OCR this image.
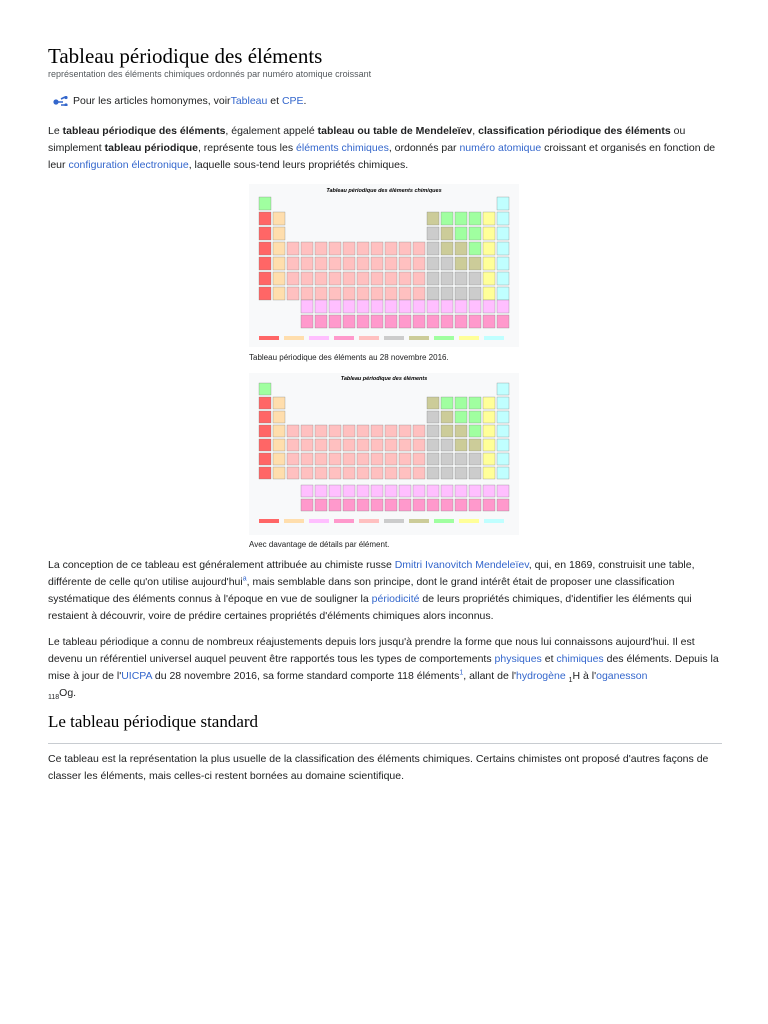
Tableau périodique des éléments
représentation des éléments chimiques ordonnés par numéro atomique croissant
Pour les articles homonymes, voir Tableau et CPE .

Le tableau périodique des éléments, également appelé tableau ou table de Mendeleïev, classification périodique des éléments ou simplement tableau périodique, représente tous les éléments chimiques, ordonnés par numéro atomique croissant et organisés en fonction de leur configuration électronique, laquelle sous-tend leurs propriétés chimiques.

Tableau périodique des éléments chimiques
Tableau périodique des éléments au 28 novembre 2016.
Tableau périodique des éléments
Avec davantage de détails par élément.

La conception de ce tableau est généralement attribuée au chimiste russe Dmitri Ivanovitch Mendeleïev, qui, en 1869, construisit une table, différente de celle qu'on utilise aujourd'hui$^a$, mais semblable dans son principe, dont le grand intérêt était de proposer une classification systématique des éléments connus à l'époque en vue de souligner la périodicité de leurs propriétés chimiques, d'identifier les éléments qui restaient à découvrir, voire de prédire certaines propriétés d'éléments chimiques alors inconnus.

Le tableau périodique a connu de nombreux réajustements depuis lors jusqu'à prendre la forme que nous lui connaissons aujourd'hui. Il est devenu un référentiel universel auquel peuvent être rapportés tous les types de comportements physiques et chimiques des éléments. Depuis la mise à jour de l'UICPA du 28 novembre 2016, sa forme standard comporte 118 éléments$^1$, allant de l'hydrogène $_1$H à l'oganesson
$_{118}$Og.

Le tableau périodique standard

Ce tableau est la représentation la plus usuelle de la classification des éléments chimiques. Certains chimistes ont proposé d'autres façons de classer les éléments, mais celles-ci restent bornées au domaine scientifique.
